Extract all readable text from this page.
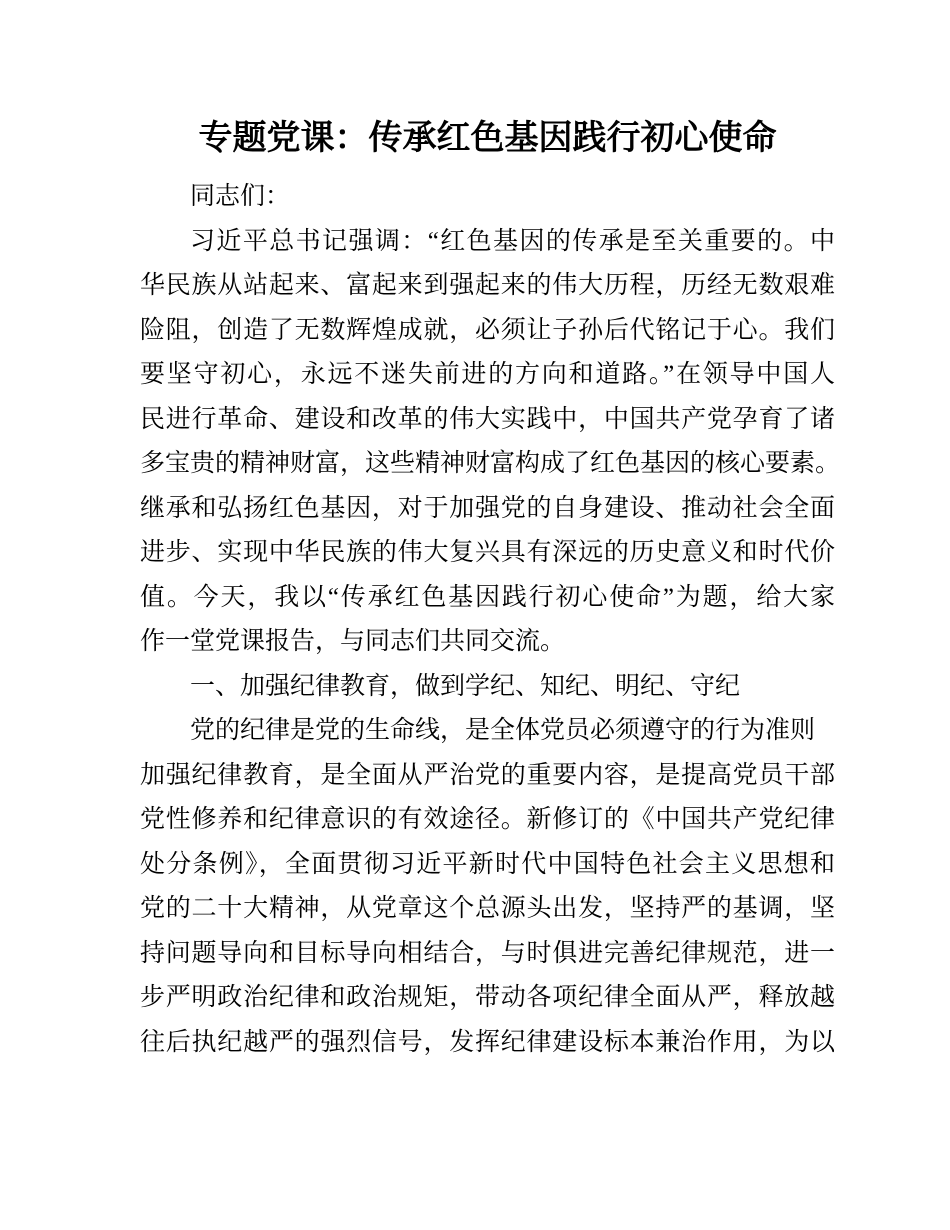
专题党课：传承红色基因践行初心使命
同志们：
习近平总书记强调：“红色基因的传承是至关重要的。中
华民族从站起来、富起来到强起来的伟大历程，历经无数艰难
险阻，创造了无数辉煌成就，必须让子孙后代铭记于心。我们
要坚守初心，永远不迷失前进的方向和道路。”在领导中国人
民进行革命、建设和改革的伟大实践中，中国共产党孕育了诸
多宝贵的精神财富，这些精神财富构成了红色基因的核心要素。
继承和弘扬红色基因，对于加强党的自身建设、推动社会全面
进步、实现中华民族的伟大复兴具有深远的历史意义和时代价
值。今天，我以“传承红色基因践行初心使命”为题，给大家
作一堂党课报告，与同志们共同交流。
一、加强纪律教育，做到学纪、知纪、明纪、守纪
党的纪律是党的生命线，是全体党员必须遵守的行为准则
加强纪律教育，是全面从严治党的重要内容，是提高党员干部
党性修养和纪律意识的有效途径。新修订的《中国共产党纪律
处分条例》，全面贯彻习近平新时代中国特色社会主义思想和
党的二十大精神，从党章这个总源头出发，坚持严的基调，坚
持问题导向和目标导向相结合，与时俱进完善纪律规范，进一
步严明政治纪律和政治规矩，带动各项纪律全面从严，释放越
往后执纪越严的强烈信号，发挥纪律建设标本兼治作用，为以
